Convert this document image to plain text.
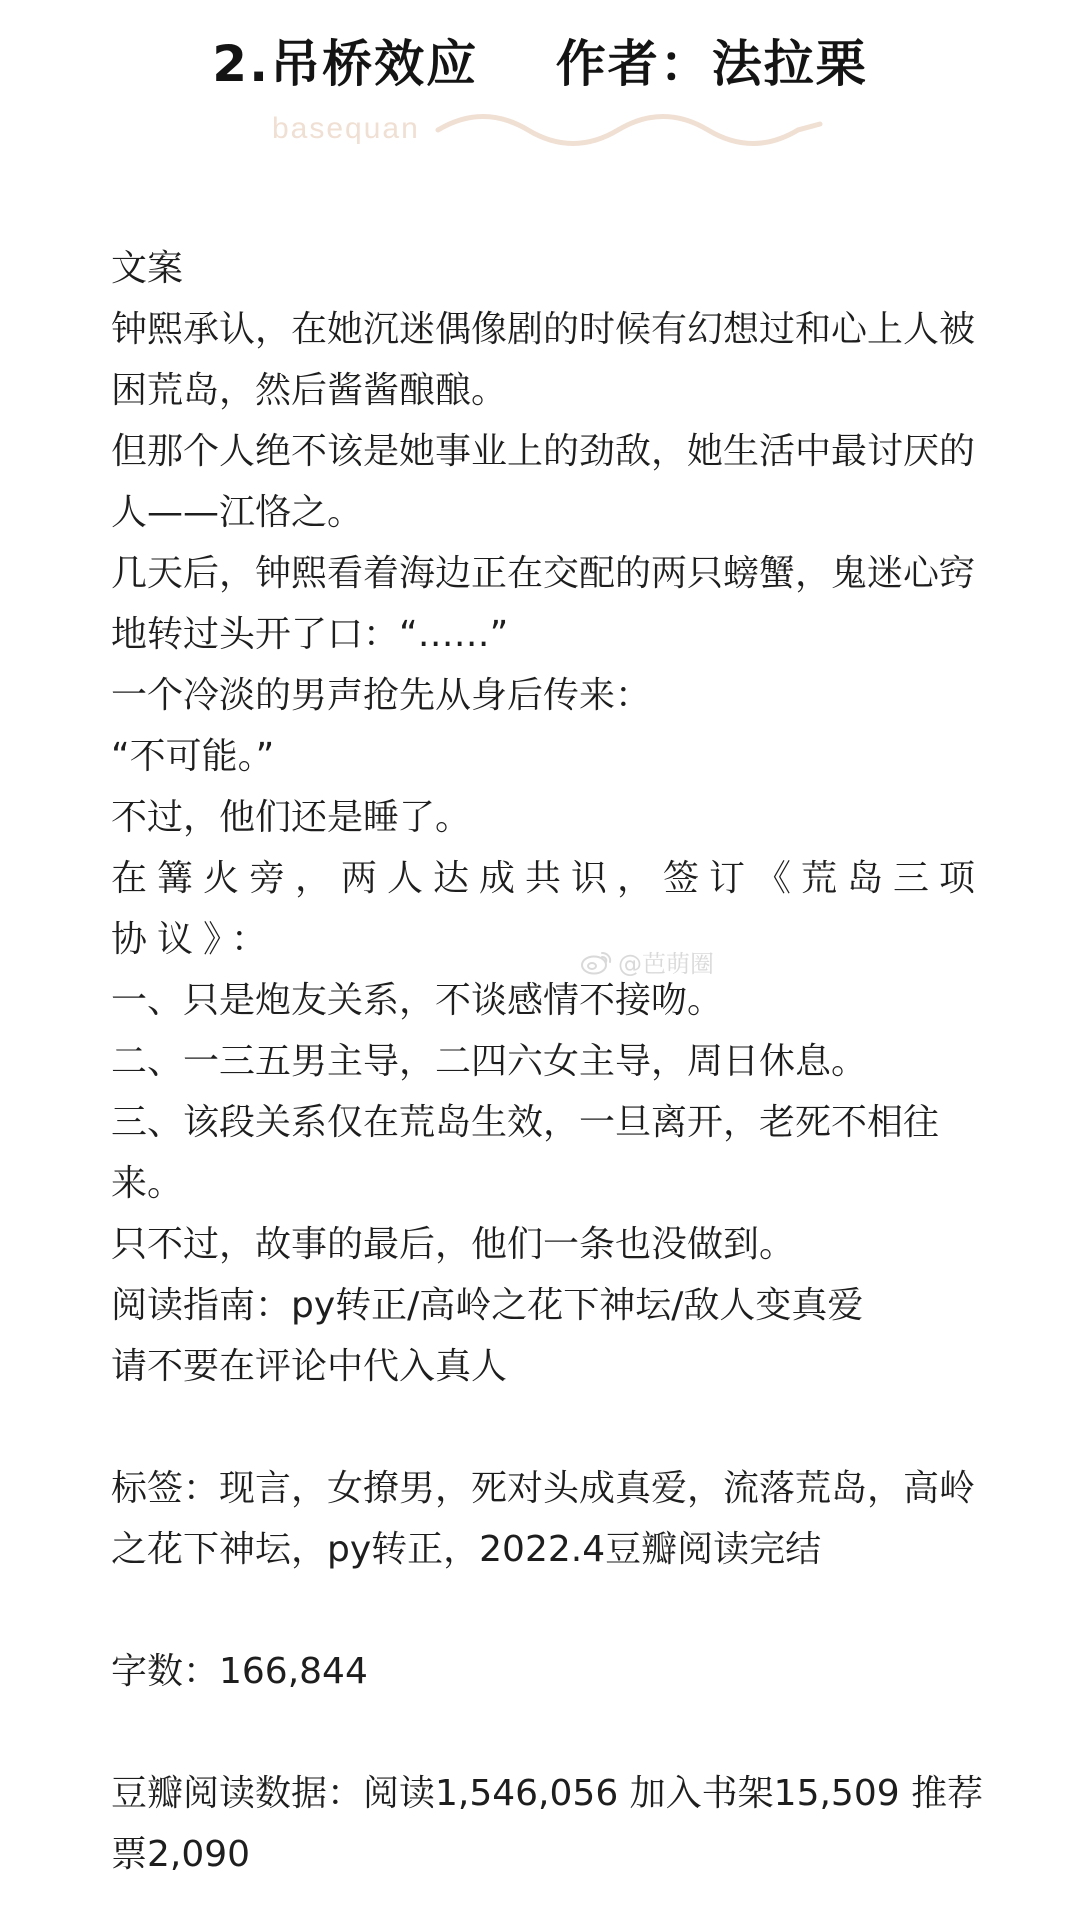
2.吊桥效应    作者：法拉栗
basequan

文案

钟熙承认，在她沉迷偶像剧的时候有幻想过和心上人被困荒岛，然后酱酱酿酿。

但那个人绝不该是她事业上的劲敌，她生活中最讨厌的人——江恪之。

几天后，钟熙看着海边正在交配的两只螃蟹，鬼迷心窍地转过头开了口：“……”

一个冷淡的男声抢先从身后传来：

“不可能。”

不过，他们还是睡了。

在篝火旁，两人达成共识，签订《荒岛三项协议》：

一、只是炮友关系，不谈感情不接吻。

二、一三五男主导，二四六女主导，周日休息。

三、该段关系仅在荒岛生效，一旦离开，老死不相往来。

只不过，故事的最后，他们一条也没做到。

阅读指南：py转正/高岭之花下神坛/敌人变真爱

请不要在评论中代入真人

标签：现言，女撩男，死对头成真爱，流落荒岛，高岭之花下神坛，py转正，2022.4豆瓣阅读完结

字数：166,844

豆瓣阅读数据：阅读1,546,056 加入书架15,509 推荐票2,090

@芭萌圈
